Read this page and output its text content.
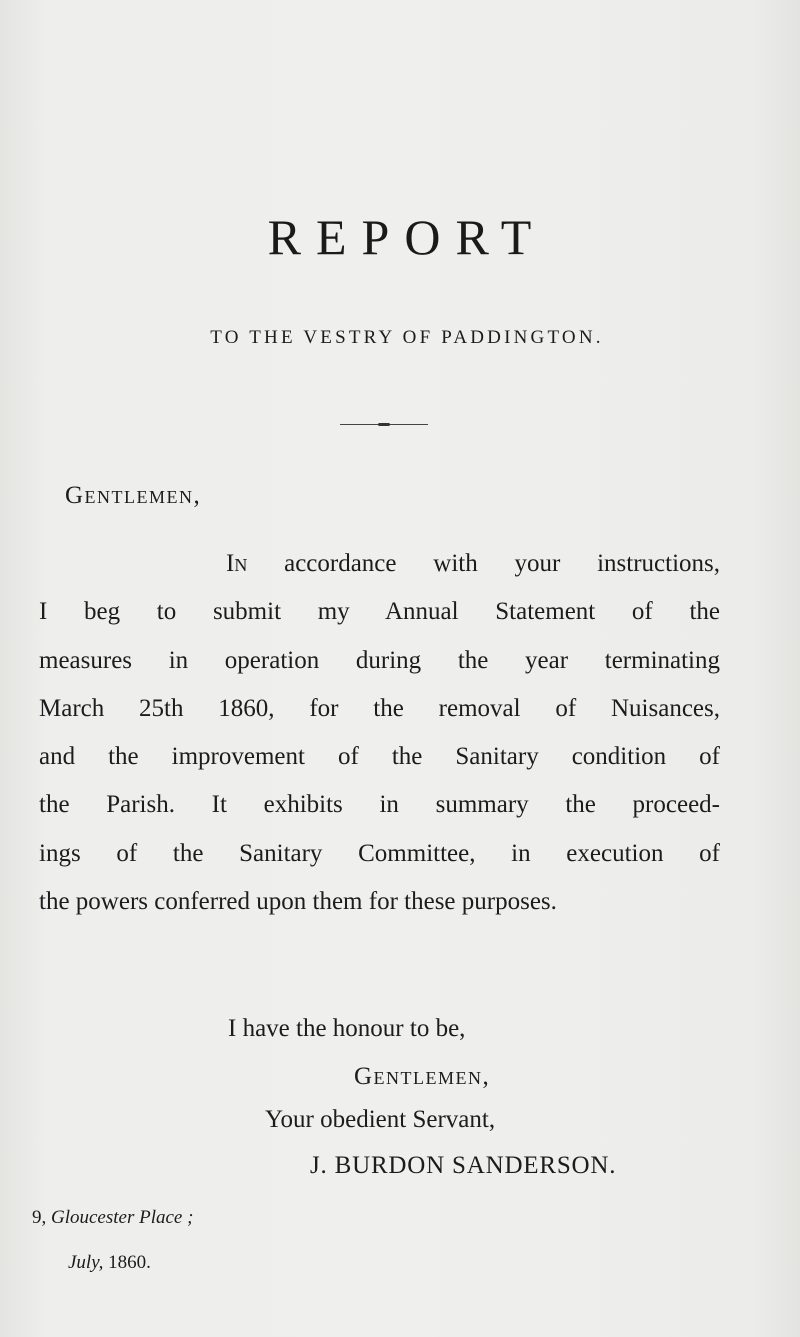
REPORT
TO THE VESTRY OF PADDINGTON.
Gentlemen,
In accordance with your instructions,
I beg to submit my Annual Statement of the
measures in operation during the year terminating
March 25th 1860, for the removal of Nuisances,
and the improvement of the Sanitary condition of
the Parish. It exhibits in summary the proceed-
ings of the Sanitary Committee, in execution of
the powers conferred upon them for these purposes.
I have the honour to be,
Gentlemen,
Your obedient Servant,
J. BURDON SANDERSON.
9, Gloucester Place ;
July, 1860.
